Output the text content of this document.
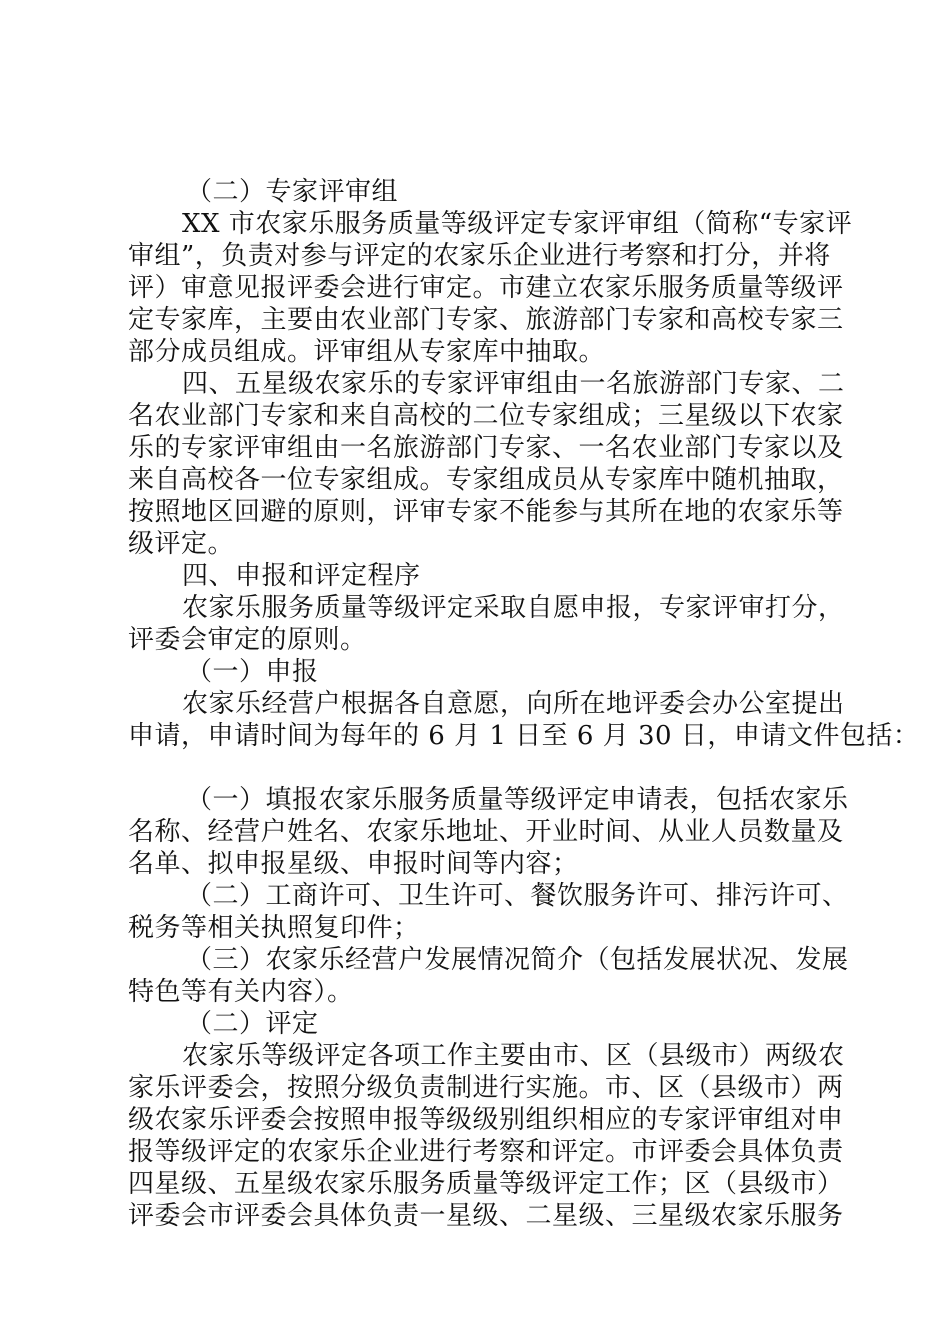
（二）专家评审组

XX 市农家乐服务质量等级评定专家评审组（简称“专家评

审组”，负责对参与评定的农家乐企业进行考察和打分，并将

评）审意见报评委会进行审定。市建立农家乐服务质量等级评

定专家库，主要由农业部门专家、旅游部门专家和高校专家三

部分成员组成。评审组从专家库中抽取。

四、五星级农家乐的专家评审组由一名旅游部门专家、二

名农业部门专家和来自高校的二位专家组成；三星级以下农家

乐的专家评审组由一名旅游部门专家、一名农业部门专家以及

来自高校各一位专家组成。专家组成员从专家库中随机抽取，

按照地区回避的原则，评审专家不能参与其所在地的农家乐等

级评定。

四、申报和评定程序

农家乐服务质量等级评定采取自愿申报，专家评审打分，

评委会审定的原则。

（一）申报

农家乐经营户根据各自意愿，向所在地评委会办公室提出

申请，申请时间为每年的 6 月 1 日至 6 月 30 日，申请文件包括：

（一）填报农家乐服务质量等级评定申请表，包括农家乐

名称、经营户姓名、农家乐地址、开业时间、从业人员数量及

名单、拟申报星级、申报时间等内容；

（二）工商许可、卫生许可、餐饮服务许可、排污许可、

税务等相关执照复印件；

（三）农家乐经营户发展情况简介（包括发展状况、发展

特色等有关内容）。

（二）评定

农家乐等级评定各项工作主要由市、区（县级市）两级农

家乐评委会，按照分级负责制进行实施。市、区（县级市）两

级农家乐评委会按照申报等级级别组织相应的专家评审组对申

报等级评定的农家乐企业进行考察和评定。市评委会具体负责

四星级、五星级农家乐服务质量等级评定工作；区（县级市）

评委会市评委会具体负责一星级、二星级、三星级农家乐服务
